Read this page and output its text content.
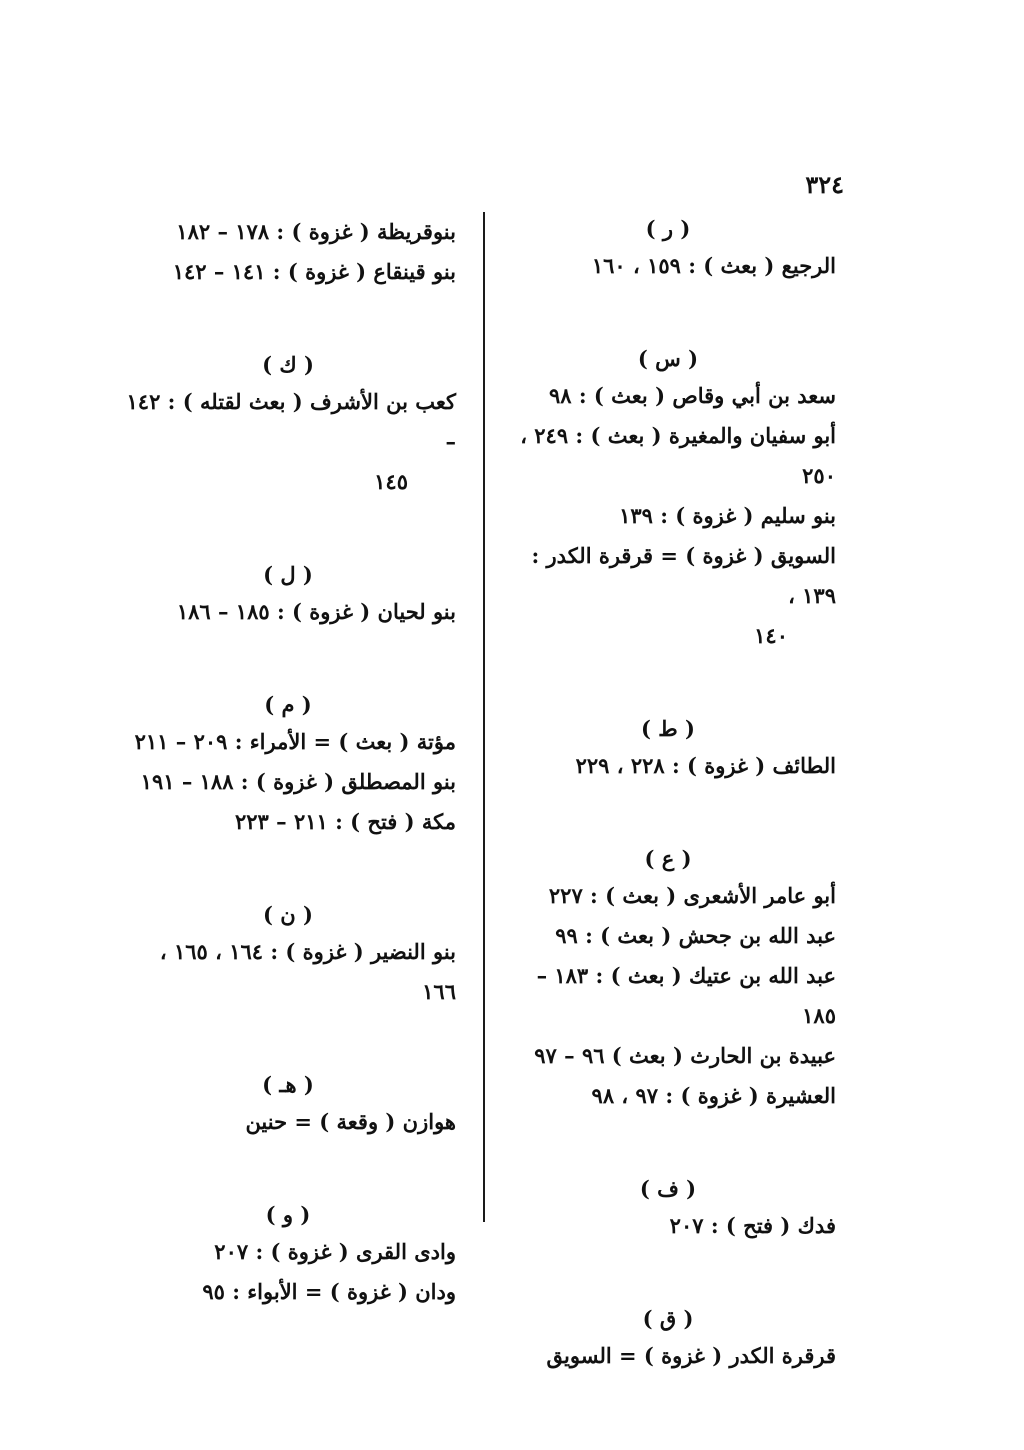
٣٢٤
( ر )
الرجيع ( بعث ) : ١٥٩ ، ١٦٠
( س )
سعد بن أبي وقاص ( بعث ) : ٩٨
أبو سفيان والمغيرة ( بعث ) : ٢٤٩ ، ٢٥٠
بنو سليم ( غزوة ) : ١٣٩
السويق ( غزوة ) = قرقرة الكدر : ١٣٩ ،
١٤٠
( ط )
الطائف ( غزوة ) : ٢٢٨ ، ٢٢٩
( ع )
أبو عامر الأشعرى ( بعث ) : ٢٢٧
عبد الله بن جحش ( بعث ) : ٩٩
عبد الله بن عتيك ( بعث ) : ١٨٣ – ١٨٥
عبيدة بن الحارث ( بعث ) ٩٦ – ٩٧
العشيرة ( غزوة ) : ٩٧ ، ٩٨
( ف )
فدك ( فتح ) : ٢٠٧
( ق )
قرقرة الكدر ( غزوة ) = السويق
بنوقريظة ( غزوة ) : ١٧٨ – ١٨٢
بنو قينقاع ( غزوة ) : ١٤١ – ١٤٢
( ك )
كعب بن الأشرف ( بعث لقتله ) : ١٤٢ –
١٤٥
( ل )
بنو لحيان ( غزوة ) : ١٨٥ – ١٨٦
( م )
مؤتة ( بعث ) = الأمراء : ٢٠٩ – ٢١١
بنو المصطلق ( غزوة ) : ١٨٨ – ١٩١
مكة ( فتح ) : ٢١١ – ٢٢٣
( ن )
بنو النضير ( غزوة ) : ١٦٤ ، ١٦٥ ، ١٦٦
( هـ )
هوازن ( وقعة ) = حنين
( و )
وادى القرى ( غزوة ) : ٢٠٧
ودان ( غزوة ) = الأبواء : ٩٥
